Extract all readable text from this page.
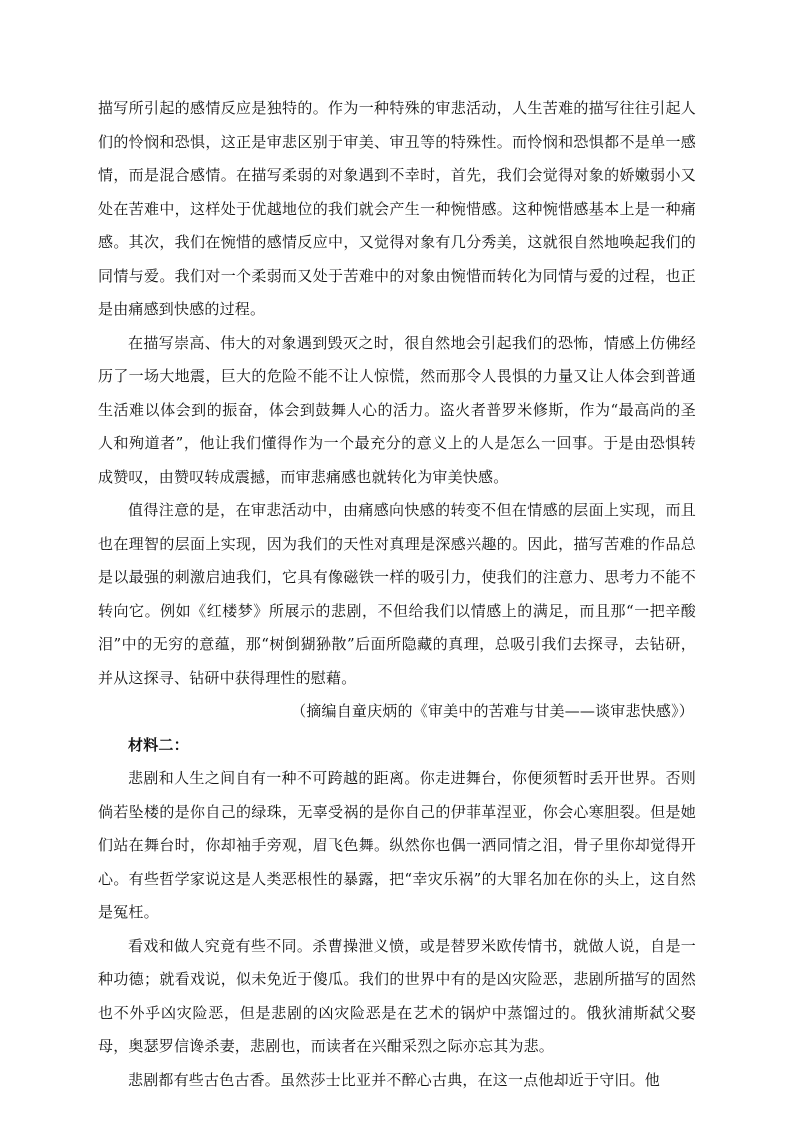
描写所引起的感情反应是独特的。作为一种特殊的审悲活动，人生苦难的描写往往引起人们的怜悯和恐惧，这正是审悲区别于审美、审丑等的特殊性。而怜悯和恐惧都不是单一感情，而是混合感情。在描写柔弱的对象遇到不幸时，首先，我们会觉得对象的娇嫩弱小又处在苦难中，这样处于优越地位的我们就会产生一种惋惜感。这种惋惜感基本上是一种痛感。其次，我们在惋惜的感情反应中，又觉得对象有几分秀美，这就很自然地唤起我们的同情与爱。我们对一个柔弱而又处于苦难中的对象由惋惜而转化为同情与爱的过程，也正是由痛感到快感的过程。

在描写崇高、伟大的对象遇到毁灭之时，很自然地会引起我们的恐怖，情感上仿佛经历了一场大地震，巨大的危险不能不让人惊慌，然而那令人畏惧的力量又让人体会到普通生活难以体会到的振奋，体会到鼓舞人心的活力。盗火者普罗米修斯，作为“最高尚的圣人和殉道者”，他让我们懂得作为一个最充分的意义上的人是怎么一回事。于是由恐惧转成赞叹，由赞叹转成震撼，而审悲痛感也就转化为审美快感。

值得注意的是，在审悲活动中，由痛感向快感的转变不但在情感的层面上实现，而且也在理智的层面上实现，因为我们的天性对真理是深感兴趣的。因此，描写苦难的作品总是以最强的刺激启迪我们，它具有像磁铁一样的吸引力，使我们的注意力、思考力不能不转向它。例如《红楼梦》所展示的悲剧，不但给我们以情感上的满足，而且那“一把辛酸泪”中的无穷的意蕴，那“树倒猢狲散”后面所隐藏的真理，总吸引我们去探寻，去钻研，并从这探寻、钻研中获得理性的慰藉。

（摘编自童庆炳的《审美中的苦难与甘美——谈审悲快感》）

材料二：

悲剧和人生之间自有一种不可跨越的距离。你走进舞台，你便须暂时丢开世界。否则倘若坠楼的是你自己的绿珠，无辜受祸的是你自己的伊菲革涅亚，你会心寒胆裂。但是她们站在舞台时，你却袖手旁观，眉飞色舞。纵然你也偶一洒同情之泪，骨子里你却觉得开心。有些哲学家说这是人类恶根性的暴露，把“幸灾乐祸”的大罪名加在你的头上，这自然是冤枉。

看戏和做人究竟有些不同。杀曹操泄义愤，或是替罗米欧传情书，就做人说，自是一种功德；就看戏说，似未免近于傻瓜。我们的世界中有的是凶灾险恶，悲剧所描写的固然也不外乎凶灾险恶，但是悲剧的凶灾险恶是在艺术的锅炉中蒸馏过的。俄狄浦斯弑父娶母，奥瑟罗信谗杀妻，悲剧也，而读者在兴酣采烈之际亦忘其为悲。

悲剧都有些古色古香。虽然莎士比亚并不醉心古典，在这一点他却近于守旧。他
